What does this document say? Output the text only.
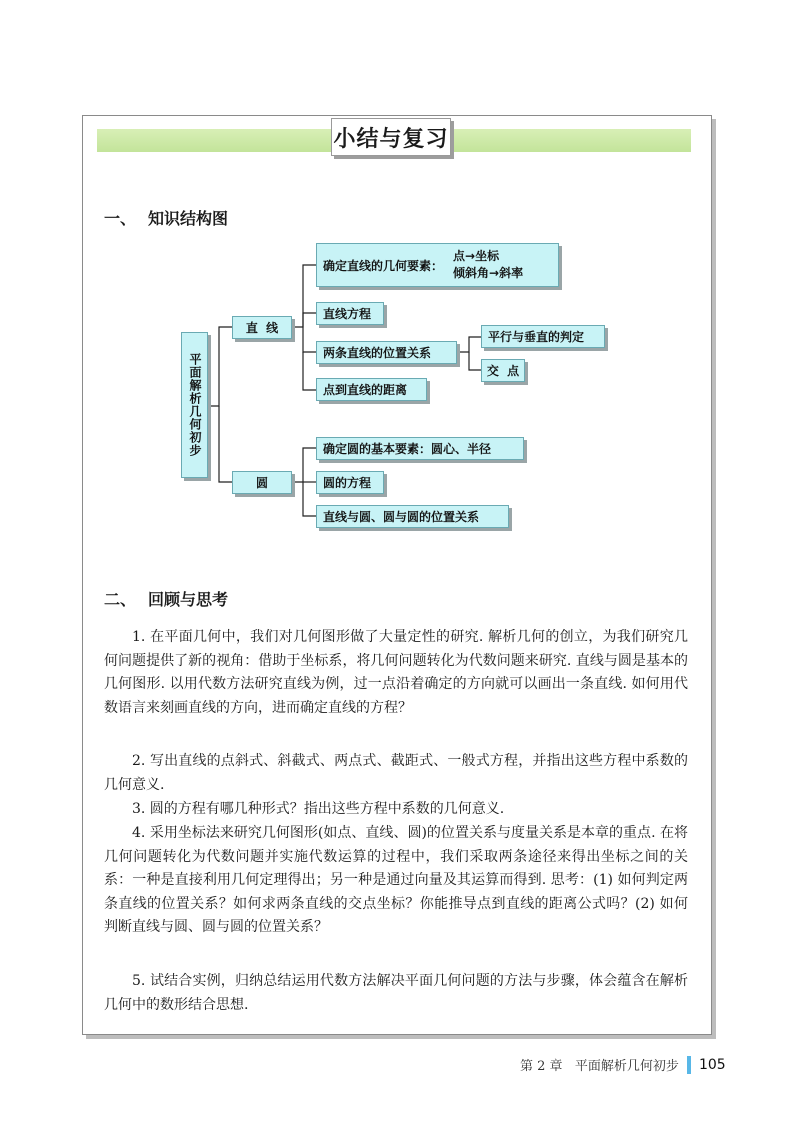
小结与复习
一、 知识结构图
平面解析几何初步
直  线
确定直线的几何要素：
点→坐标
倾斜角→斜率
直线方程
两条直线的位置关系
平行与垂直的判定
交  点
点到直线的距离
圆
确定圆的基本要素：圆心、半径
圆的方程
直线与圆、圆与圆的位置关系
二、 回顾与思考

1. 在平面几何中，我们对几何图形做了大量定性的研究. 解析几何的创立，为我们研究几何问题提供了新的视角：借助于坐标系，将几何问题转化为代数问题来研究. 直线与圆是基本的几何图形. 以用代数方法研究直线为例，过一点沿着确定的方向就可以画出一条直线. 如何用代数语言来刻画直线的方向，进而确定直线的方程？

2. 写出直线的点斜式、斜截式、两点式、截距式、一般式方程，并指出这些方程中系数的几何意义.

3. 圆的方程有哪几种形式？指出这些方程中系数的几何意义.

4. 采用坐标法来研究几何图形(如点、直线、圆)的位置关系与度量关系是本章的重点. 在将几何问题转化为代数问题并实施代数运算的过程中，我们采取两条途径来得出坐标之间的关系：一种是直接利用几何定理得出；另一种是通过向量及其运算而得到. 思考：(1) 如何判定两条直线的位置关系？如何求两条直线的交点坐标？你能推导点到直线的距离公式吗？(2) 如何判断直线与圆、圆与圆的位置关系？

5. 试结合实例，归纳总结运用代数方法解决平面几何问题的方法与步骤，体会蕴含在解析几何中的数形结合思想.

第 2 章   平面解析几何初步 105
